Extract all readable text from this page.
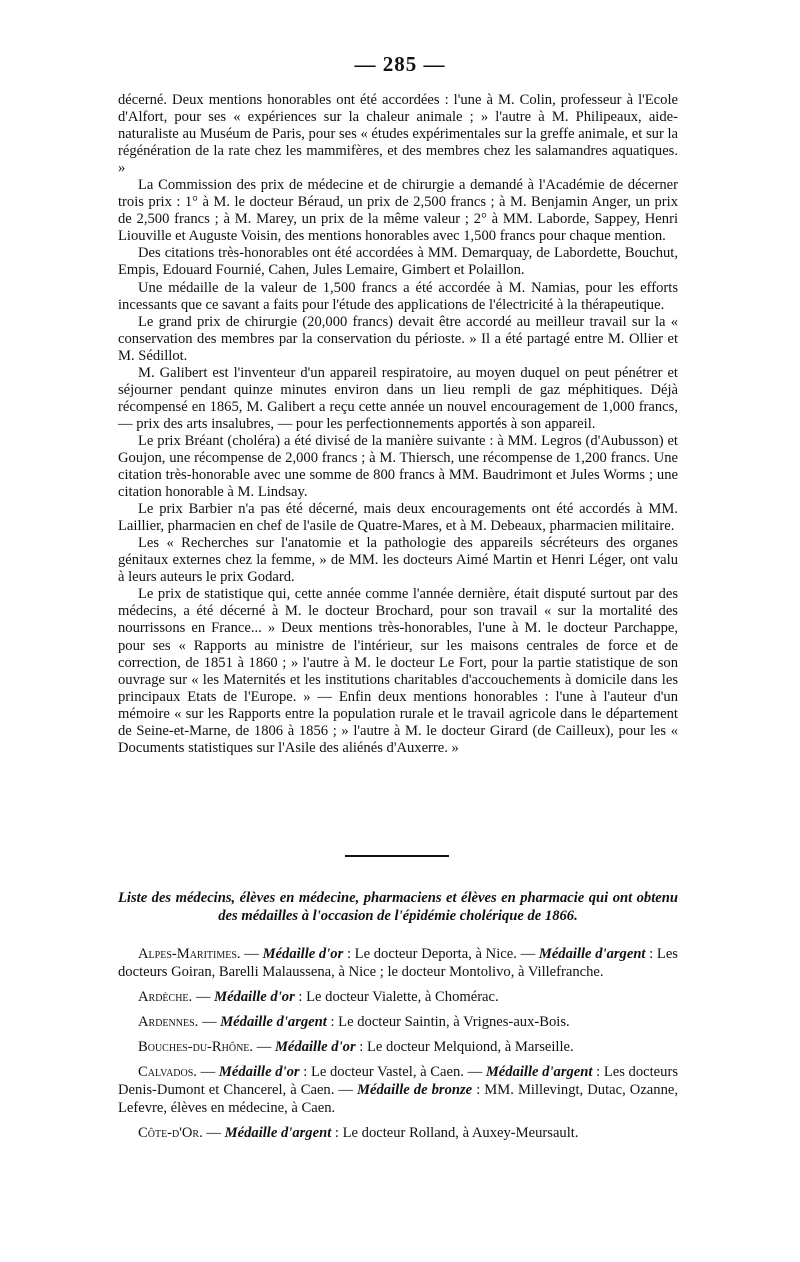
— 285 —

décerné. Deux mentions honorables ont été accordées : l'une à M. Colin, professeur à l'Ecole d'Alfort, pour ses « expériences sur la chaleur animale ; » l'autre à M. Philipeaux, aide-naturaliste au Muséum de Paris, pour ses « études expérimentales sur la greffe animale, et sur la régénération de la rate chez les mammifères, et des membres chez les salamandres aquatiques. »

La Commission des prix de médecine et de chirurgie a demandé à l'Académie de décerner trois prix : 1° à M. le docteur Béraud, un prix de 2,500 francs ; à M. Benjamin Anger, un prix de 2,500 francs ; à M. Marey, un prix de la même valeur ; 2° à MM. Laborde, Sappey, Henri Liouville et Auguste Voisin, des mentions honorables avec 1,500 francs pour chaque mention.

Des citations très-honorables ont été accordées à MM. Demarquay, de Labordette, Bouchut, Empis, Edouard Fournié, Cahen, Jules Lemaire, Gimbert et Polaillon.

Une médaille de la valeur de 1,500 francs a été accordée à M. Namias, pour les efforts incessants que ce savant a faits pour l'étude des applications de l'électricité à la thérapeutique.

Le grand prix de chirurgie (20,000 francs) devait être accordé au meilleur travail sur la « conservation des membres par la conservation du périoste. » Il a été partagé entre M. Ollier et M. Sédillot.

M. Galibert est l'inventeur d'un appareil respiratoire, au moyen duquel on peut pénétrer et séjourner pendant quinze minutes environ dans un lieu rempli de gaz méphitiques. Déjà récompensé en 1865, M. Galibert a reçu cette année un nouvel encouragement de 1,000 francs, — prix des arts insalubres, — pour les perfectionnements apportés à son appareil.

Le prix Bréant (choléra) a été divisé de la manière suivante : à MM. Legros (d'Aubusson) et Goujon, une récompense de 2,000 francs ; à M. Thiersch, une récompense de 1,200 francs. Une citation très-honorable avec une somme de 800 francs à MM. Baudrimont et Jules Worms ; une citation honorable à M. Lindsay.

Le prix Barbier n'a pas été décerné, mais deux encouragements ont été accordés à MM. Laillier, pharmacien en chef de l'asile de Quatre-Mares, et à M. Debeaux, pharmacien militaire.

Les « Recherches sur l'anatomie et la pathologie des appareils sécréteurs des organes génitaux externes chez la femme, » de MM. les docteurs Aimé Martin et Henri Léger, ont valu à leurs auteurs le prix Godard.

Le prix de statistique qui, cette année comme l'année dernière, était disputé surtout par des médecins, a été décerné à M. le docteur Brochard, pour son travail « sur la mortalité des nourrissons en France... » Deux mentions très-honorables, l'une à M. le docteur Parchappe, pour ses « Rapports au ministre de l'intérieur, sur les maisons centrales de force et de correction, de 1851 à 1860 ; » l'autre à M. le docteur Le Fort, pour la partie statistique de son ouvrage sur « les Maternités et les institutions charitables d'accouchements à domicile dans les principaux Etats de l'Europe. » — Enfin deux mentions honorables : l'une à l'auteur d'un mémoire « sur les Rapports entre la population rurale et le travail agricole dans le département de Seine-et-Marne, de 1806 à 1856 ; » l'autre à M. le docteur Girard (de Cailleux), pour les « Documents statistiques sur l'Asile des aliénés d'Auxerre. »

Liste des médecins, élèves en médecine, pharmaciens et élèves en pharmacie qui ont obtenu des médailles à l'occasion de l'épidémie cholérique de 1866.

Alpes-Maritimes. — Médaille d'or : Le docteur Deporta, à Nice. — Médaille d'argent : Les docteurs Goiran, Barelli Malaussena, à Nice ; le docteur Montolivo, à Villefranche.

Ardèche. — Médaille d'or : Le docteur Vialette, à Chomérac.

Ardennes. — Médaille d'argent : Le docteur Saintin, à Vrignes-aux-Bois.

Bouches-du-Rhône. — Médaille d'or : Le docteur Melquiond, à Marseille.

Calvados. — Médaille d'or : Le docteur Vastel, à Caen. — Médaille d'argent : Les docteurs Denis-Dumont et Chancerel, à Caen. — Médaille de bronze : MM. Millevingt, Dutac, Ozanne, Lefevre, élèves en médecine, à Caen.

Côte-d'Or. — Médaille d'argent : Le docteur Rolland, à Auxey-Meursault.
